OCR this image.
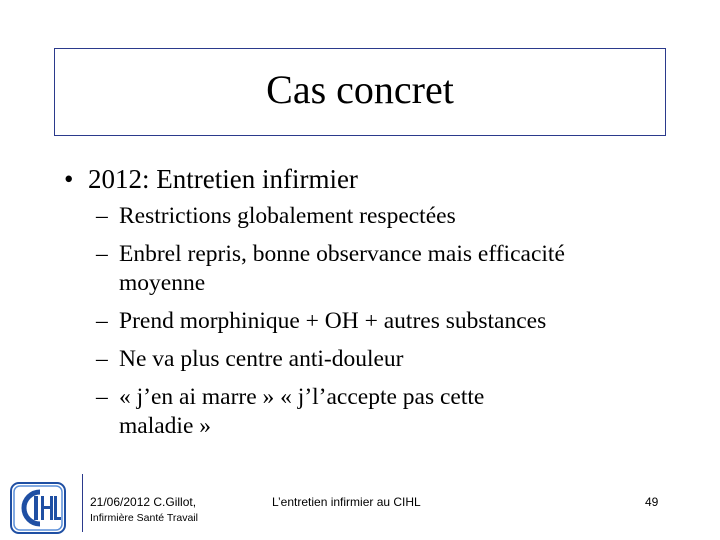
Cas concret
• 2012: Entretien infirmier
– Restrictions globalement respectées
– Enbrel repris, bonne observance mais efficacité
moyenne
– Prend morphinique + OH + autres substances
– Ne va plus centre anti-douleur
– « j’en ai marre » « j’l’accepte pas cette
maladie »
21/06/2012 C.Gillot,
Infirmière Santé Travail
L’entretien infirmier au CIHL	49
